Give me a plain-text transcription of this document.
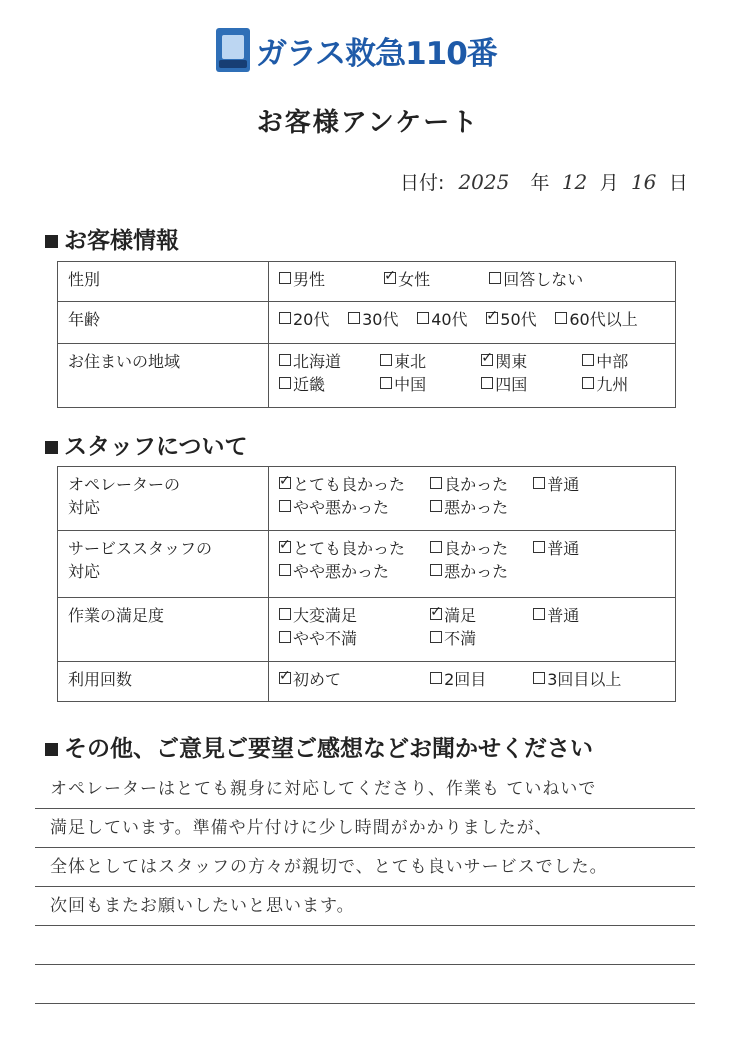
ガラス救急110番
お客様アンケート
日付: 2025 年 12 月 16 日
お客様情報
性別	男性 ✓ 女性 回答しない
年齢	20代 30代 40代 ✓ 50代 60代以上
お住まいの地域	北海道 東北 ✓ 関東 中部
近畿 中国 四国 九州
スタッフについて
オペレーターの
対応	✓とても良かった 良かった 普通
やや悪かった 悪かった
サービススタッフの
対応	✓とても良かった 良かった 普通
やや悪かった 悪かった
作業の満足度	大変満足 ✓ 満足 普通
やや不満 不満
利用回数	✓初めて 2回目 3回目以上
その他、ご意見ご要望ご感想などお聞かせください
オペレーターはとても親身に対応してくださり、作業も ていねいで
満足しています。準備や片付けに少し時間がかかりましたが、
全体としてはスタッフの方々が親切で、とても良いサービスでした。
次回もまたお願いしたいと思います。
